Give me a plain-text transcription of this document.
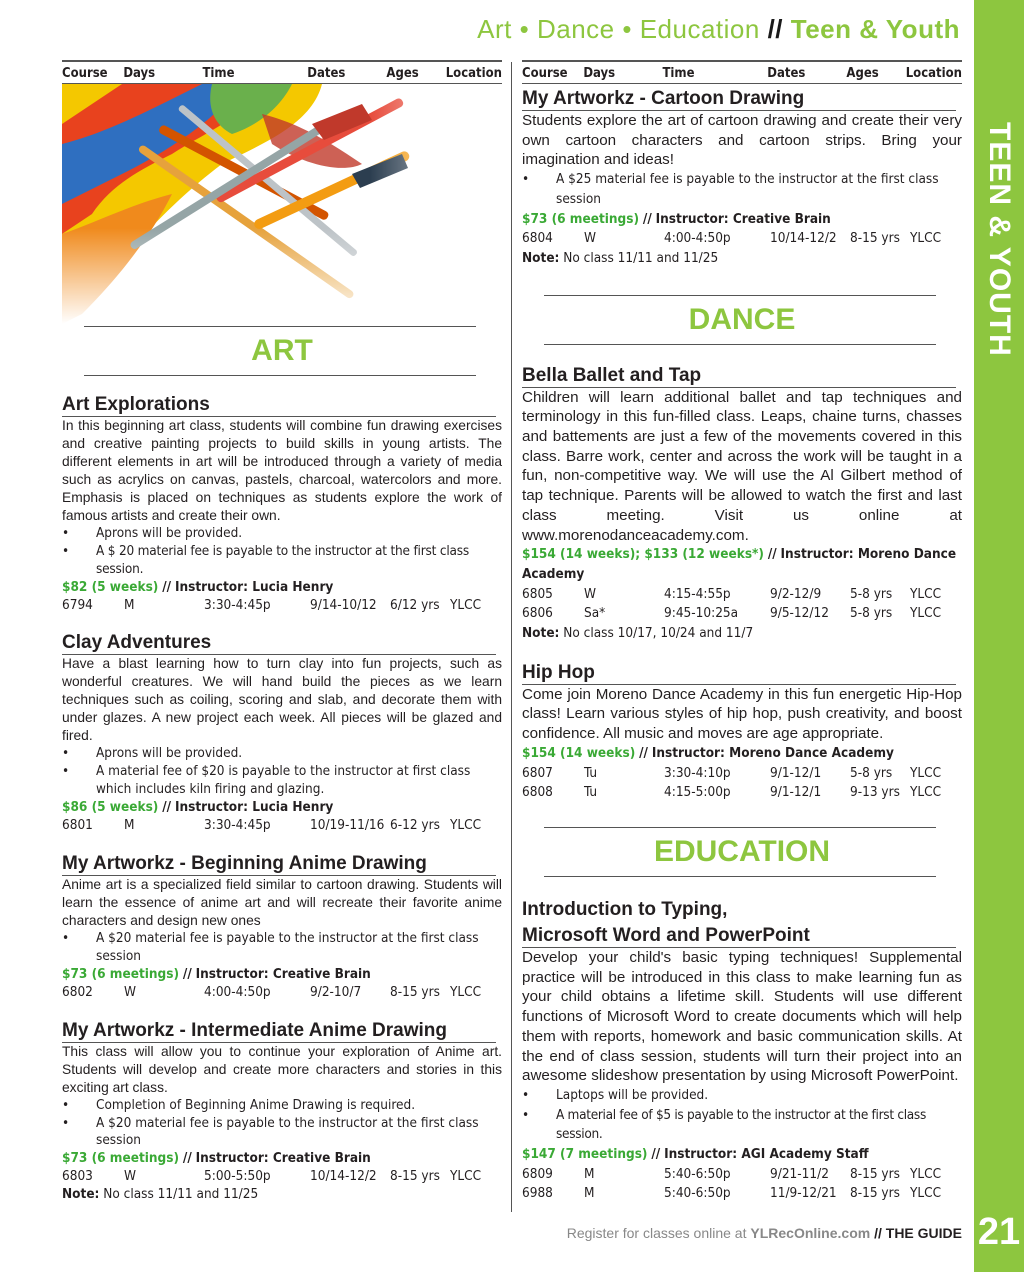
Art • Dance • Education // Teen & Youth
TEEN & YOUTH
21
Course	Days	Time	Dates	Ages	Location
ART
Art Explorations
In this beginning art class, students will combine fun drawing exercises and creative painting projects to build skills in young artists. The different elements in art will be introduced through a variety of media such as acrylics on canvas, pastels, charcoal, watercolors and more. Emphasis is placed on techniques as students explore the work of famous artists and create their own.
• Aprons will be provided.
• A $ 20 material fee is payable to the instructor at the first class session.
$82 (5 weeks) // Instructor: Lucia Henry
6794	M	3:30-4:45p	9/14-10/12 6/12 yrs YLCC
Clay Adventures
Have a blast learning how to turn clay into fun projects, such as wonderful creatures. We will hand build the pieces as we learn techniques such as coiling, scoring and slab, and decorate them with under glazes. A new project each week. All pieces will be glazed and fired.
• Aprons will be provided.
• A material fee of $20 is payable to the instructor at first class which includes kiln firing and glazing.
$86 (5 weeks) // Instructor: Lucia Henry
6801	M	3:30-4:45p	10/19-11/16 6-12 yrs YLCC
My Artworkz - Beginning Anime Drawing
Anime art is a specialized field similar to cartoon drawing. Students will learn the essence of anime art and will recreate their favorite anime characters and design new ones
• A $20 material fee is payable to the instructor at the first class session
$73 (6 meetings) // Instructor: Creative Brain
6802	W	4:00-4:50p	9/2-10/7	8-15 yrs YLCC
My Artworkz - Intermediate Anime Drawing
This class will allow you to continue your exploration of Anime art. Students will develop and create more characters and stories in this exciting art class.
• Completion of Beginning Anime Drawing is required.
• A $20 material fee is payable to the instructor at the first class session
$73 (6 meetings) // Instructor: Creative Brain
6803	W	5:00-5:50p	10/14-12/2 8-15 yrs YLCC
Note: No class 11/11 and 11/25
Course	Days	Time	Dates	Ages	Location
My Artworkz - Cartoon Drawing
Students explore the art of cartoon drawing and create their very own cartoon characters and cartoon strips. Bring your imagination and ideas!
• A $25 material fee is payable to the instructor at the first class session
$73 (6 meetings) // Instructor: Creative Brain
6804	W	4:00-4:50p	10/14-12/2 8-15 yrs YLCC
Note: No class 11/11 and 11/25
DANCE
Bella Ballet and Tap
Children will learn additional ballet and tap techniques and terminology in this fun-filled class. Leaps, chaine turns, chasses and battements are just a few of the movements covered in this class. Barre work, center and across the work will be taught in a fun, non-competitive way. We will use the Al Gilbert method of tap technique. Parents will be allowed to watch the first and last class meeting. Visit us online at www.morenodanceacademy.com.
$154 (14 weeks); $133 (12 weeks*) // Instructor: Moreno Dance Academy
6805	W	4:15-4:55p	9/2-12/9	5-8 yrs	YLCC
6806	Sa*	9:45-10:25a	9/5-12/12	5-8 yrs	YLCC
Note: No class 10/17, 10/24 and 11/7
Hip Hop
Come join Moreno Dance Academy in this fun energetic Hip-Hop class! Learn various styles of hip hop, push creativity, and boost confidence. All music and moves are age appropriate.
$154 (14 weeks) // Instructor: Moreno Dance Academy
6807	Tu	3:30-4:10p	9/1-12/1	5-8 yrs	YLCC
6808	Tu	4:15-5:00p	9/1-12/1	9-13 yrs YLCC
EDUCATION
Introduction to Typing,
Microsoft Word and PowerPoint
Develop your child's basic typing techniques! Supplemental practice will be introduced in this class to make learning fun as your child obtains a lifetime skill. Students will use different functions of Microsoft Word to create documents which will help them with reports, homework and basic communication skills. At the end of class session, students will turn their project into an awesome slideshow presentation by using Microsoft PowerPoint.
• Laptops will be provided.
• A material fee of $5 is payable to the instructor at the first class session.
$147 (7 meetings) // Instructor: AGI Academy Staff
6809	M	5:40-6:50p	9/21-11/2	8-15 yrs YLCC
6988	M	5:40-6:50p	11/9-12/21 8-15 yrs YLCC
Register for classes online at YLRecOnline.com // THE GUIDE
